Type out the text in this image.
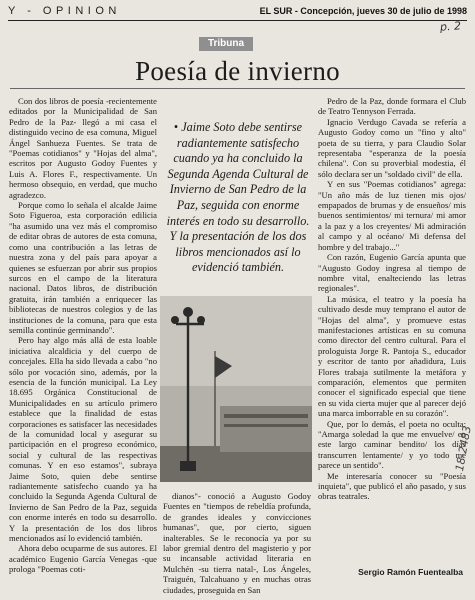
Y - OPINION	EL SUR - Concepción, jueves 30 de julio de 1998
p. 2
Tribuna
Poesía de invierno

Con dos libros de poesía -recientemente editados por la Municipalidad de San Pedro de la Paz- llegó a mi casa el distinguido vecino de esa comuna, Miguel Ángel Sanhueza Fuentes. Se trata de "Poemas cotidianos" y "Hojas del alma", escritos por Augusto Godoy Fuentes y Luis A. Flores F., respectivamente. Un hermoso obsequio, en verdad, que mucho agradezco.

Porque como lo señala el alcalde Jaime Soto Figueroa, esta corporación edilicia "ha asumido una vez más el compromiso de editar obras de autores de esta comuna, como una contribución a las letras de nuestra zona y del país para apoyar a quienes se esfuerzan por abrir sus propios surcos en el campo de la literatura nacional. Datos libros, de distribución gratuita, irán también a enriquecer las bibliotecas de nuestros colegios y de las instituciones de la comuna, para que esta semilla continúe germinando".

Pero hay algo más allá de esta loable iniciativa alcaldicia y del cuerpo de concejales. Ella ha sido llevada a cabo "no sólo por vocación sino, además, por la esencia de la función municipal. La Ley 18.695 Orgánica Constitucional de Municipalidades en su artículo primero establece que la finalidad de estas corporaciones es satisfacer las necesidades de la comunidad local y asegurar su participación en el progreso económico, social y cultural de las respectivas comunas. Y en eso estamos", subraya Jaime Soto, quien debe sentirse radiantemente satisfecho cuando ya ha concluido la Segunda Agenda Cultural de Invierno de San Pedro de la Paz, seguida con enorme interés en todo su desarrollo. Y la presentación de los dos libros mencionados así lo evidenció también.

Ahora debo ocuparme de sus autores. El académico Eugenio García Venegas -que prologa "Poemas coti-

• Jaime Soto debe sentirse radiantemente satisfecho cuando ya ha concluido la Segunda Agenda Cultural de Invierno de San Pedro de la Paz, seguida con enorme interés en todo su desarrollo. Y la presentación de los dos libros mencionados así lo evidenció también.

dianos"- conoció a Augusto Godoy Fuentes en "tiempos de rebeldía profunda, de grandes ideales y convicciones humanas", que, por cierto, siguen inalterables. Se le reconocía ya por su labor gremial dentro del magisterio y por su incansable actividad literaria en Mulchén -su tierra natal-, Los Ángeles, Traiguén, Talcahuano y en muchas otras ciudades, proseguida en San

Pedro de la Paz, donde formara el Club de Teatro Tennyson Ferrada.

Ignacio Verdugo Cavada se refería a Augusto Godoy como un "fino y alto" poeta de su tierra, y para Claudio Solar representaba "esperanza de la poesía chilena". Con su proverbial modestia, él sólo declara ser un "soldado civil" de ella.

Y en sus "Poemas cotidianos" agrega: "Un año más de luz tienen mis ojos/ empapados de brumas y de ensueños/ mis buenos sentimientos/ mi ternura/ mi amor a la paz y a los creyentes/ Mi admiración al campo y al océano/ Mi defensa del hombre y del trabajo..."

Con razón, Eugenio García apunta que "Augusto Godoy ingresa al tiempo de nombre vital, enalteciendo las letras regionales".

La música, el teatro y la poesía ha cultivado desde muy temprano el autor de "Hojas del alma", y promueve estas manifestaciones artísticas en su comuna como director del centro cultural. Para el prologuista Jorge R. Pantoja S., educador y escritor de tanto por añadidura, Luis Flores trabaja sutilmente la metáfora y comparación, elementos que permiten conocer el significado especial que tiene en su vida cierta mujer que al parecer dejó una marca imborrable en su corazón".

Que, por lo demás, el poeta no oculta: "Amarga soledad la que me envuelve/ en este largo caminar bendito/ los días transcurren lentamente/ y yo todo me parece un sentido".

Me interesaría conocer su "Poesía inquieta", que publicó el año pasado, y sus obras teatrales.

Sergio Ramón Fuentealba
18-2483
